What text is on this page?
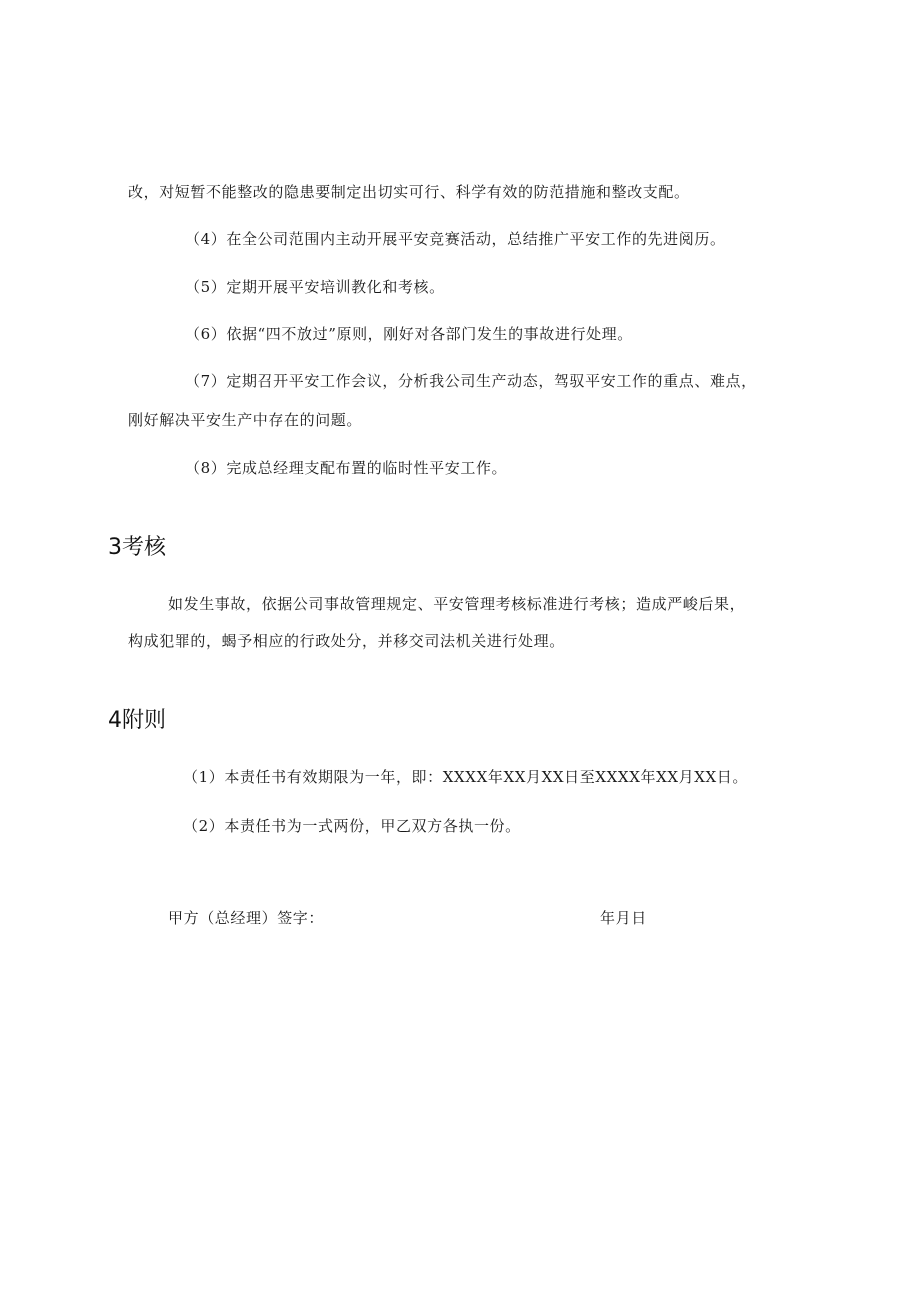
改，对短暂不能整改的隐患要制定出切实可行、科学有效的防范措施和整改支配。
（4）在全公司范围内主动开展平安竞赛活动，总结推广平安工作的先进阅历。
（5）定期开展平安培训教化和考核。
（6）依据“四不放过”原则，刚好对各部门发生的事故进行处理。
（7）定期召开平安工作会议，分析我公司生产动态，驾驭平安工作的重点、难点，
刚好解决平安生产中存在的问题。
（8）完成总经理支配布置的临时性平安工作。
3考核
如发生事故，依据公司事故管理规定、平安管理考核标准进行考核；造成严峻后果，
构成犯罪的，蝎予相应的行政处分，并移交司法机关进行处理。
4附则
（1）本责任书有效期限为一年，即：XXXX年XX月XX日至XXXX年XX月XX日。
（2）本责任书为一式两份，甲乙双方各执一份。
甲方（总经理）签字：	年月日
